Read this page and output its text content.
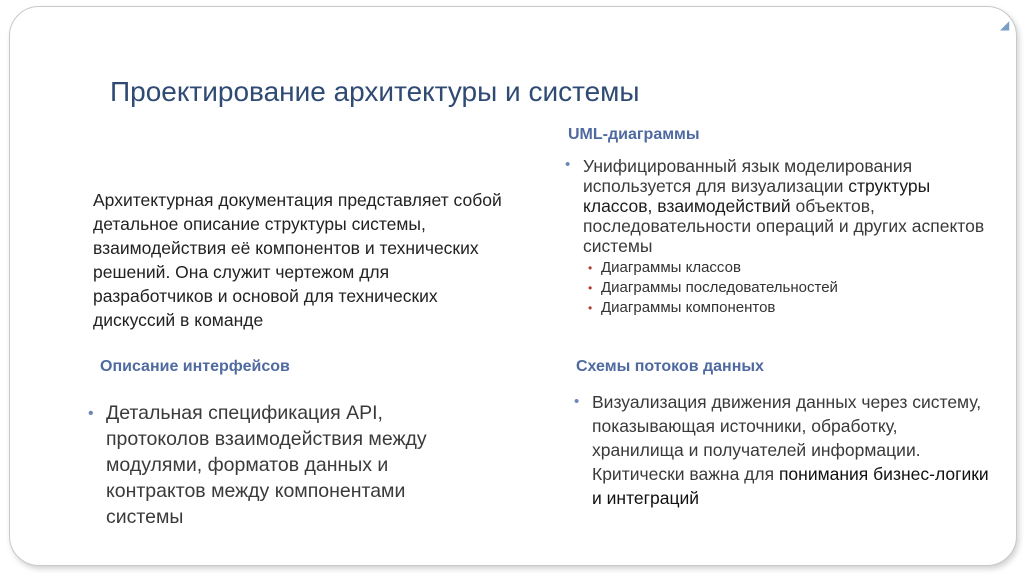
◢
Проектирование архитектуры и системы
Архитектурная документация представляет собой детальное описание структуры системы, взаимодействия её компонентов и технических решений. Она служит чертежом для разработчиков и основой для технических дискуссий в команде
UML-диаграммы
• Унифицированный язык моделирования используется для визуализации структуры классов, взаимодействий объектов, последовательности операций и других аспектов системы
• Диаграммы классов
• Диаграммы последовательностей
• Диаграммы компонентов
Описание интерфейсов
• Детальная спецификация API, протоколов взаимодействия между модулями, форматов данных и контрактов между компонентами системы
Схемы потоков данных
• Визуализация движения данных через систему, показывающая источники, обработку, хранилища и получателей информации. Критически важна для понимания бизнес-логики и интеграций
